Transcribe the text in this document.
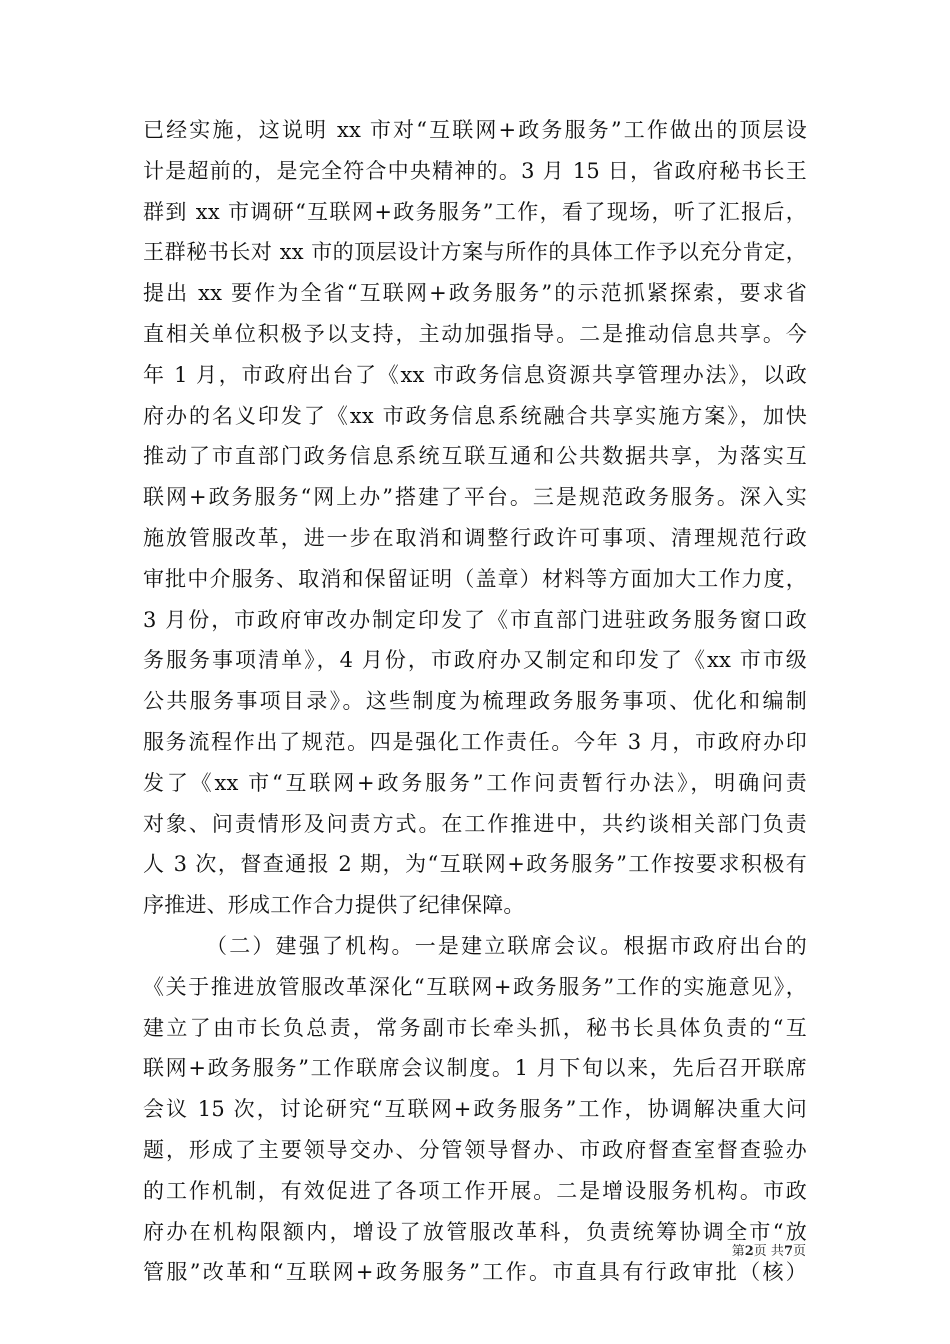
已经实施，这说明 xx 市对“互联网+政务服务”工作做出的顶层设
计是超前的，是完全符合中央精神的。3 月 15 日，省政府秘书长王
群到 xx 市调研“互联网+政务服务”工作，看了现场，听了汇报后，
王群秘书长对 xx 市的顶层设计方案与所作的具体工作予以充分肯定，
提出 xx 要作为全省“互联网+政务服务”的示范抓紧探索，要求省
直相关单位积极予以支持，主动加强指导。二是推动信息共享。今
年 1 月，市政府出台了《xx 市政务信息资源共享管理办法》，以政
府办的名义印发了《xx 市政务信息系统融合共享实施方案》，加快
推动了市直部门政务信息系统互联互通和公共数据共享，为落实互
联网+政务服务“网上办”搭建了平台。三是规范政务服务。深入实
施放管服改革，进一步在取消和调整行政许可事项、清理规范行政
审批中介服务、取消和保留证明（盖章）材料等方面加大工作力度，
3 月份，市政府审改办制定印发了《市直部门进驻政务服务窗口政
务服务事项清单》，4 月份，市政府办又制定和印发了《xx 市市级
公共服务事项目录》。这些制度为梳理政务服务事项、优化和编制
服务流程作出了规范。四是强化工作责任。今年 3 月，市政府办印
发了《xx 市“互联网+政务服务”工作问责暂行办法》，明确问责
对象、问责情形及问责方式。在工作推进中，共约谈相关部门负责
人 3 次，督查通报 2 期，为“互联网+政务服务”工作按要求积极有
序推进、形成工作合力提供了纪律保障。
（二）建强了机构。一是建立联席会议。根据市政府出台的
《关于推进放管服改革深化“互联网+政务服务”工作的实施意见》，
建立了由市长负总责，常务副市长牵头抓，秘书长具体负责的“互
联网+政务服务”工作联席会议制度。1 月下旬以来，先后召开联席
会议 15 次，讨论研究“互联网+政务服务”工作，协调解决重大问
题，形成了主要领导交办、分管领导督办、市政府督查室督查验办
的工作机制，有效促进了各项工作开展。二是增设服务机构。市政
府办在机构限额内，增设了放管服改革科，负责统筹协调全市“放
管服”改革和“互联网+政务服务”工作。市直具有行政审批（核）
第2页 共7页
